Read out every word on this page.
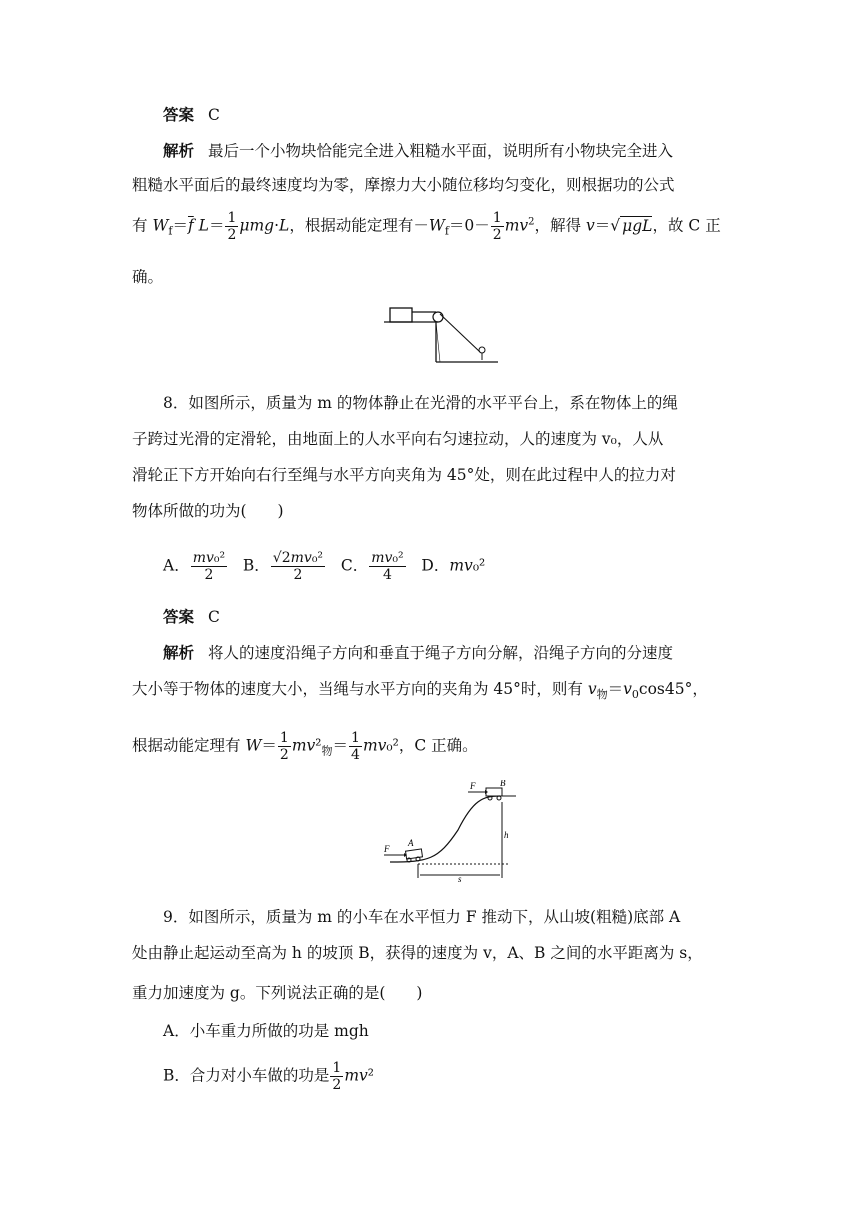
答案 C
解析 最后一个小物块恰能完全进入粗糙水平面，说明所有小物块完全进入
粗糙水平面后的最终速度均为零，摩擦力大小随位移均匀变化，则根据功的公式
有 $W_f=\overline{f}$ $L= \frac{1}{2} \mu mg\cdot L$，根据动能定理有$-W_f=0- \frac{1}{2} mv^2$，解得 v＝√ μgL，故 C 正
确。
8．如图所示，质量为 m 的物体静止在光滑的水平平台上，系在物体上的绳
子跨过光滑的定滑轮，由地面上的人水平向右匀速拉动，人的速度为 v₀，人从
滑轮正下方开始向右行至绳与水平方向夹角为 45°处，则在此过程中人的拉力对
物体所做的功为(　　)
A． $\frac{\text{mv₀²}}{2}$ B． $\frac{\text{√2mv₀²}}{2}$ C． $\frac{\text{mv₀²}}{4}$ D．mv₀²
答案 C
解析 将人的速度沿绳子方向和垂直于绳子方向分解，沿绳子方向的分速度
大小等于物体的速度大小，当绳与水平方向的夹角为 45°时，则有 $v_物=v_0\cos 45^\circ$，
根据动能定理有 $W= \frac{1}{2} mv^2_物= \frac{1}{4} mv_0^2$，C 正确。
B
F
A
F
h
s
9．如图所示，质量为 m 的小车在水平恒力 F 推动下，从山坡(粗糙)底部 A
处由静止起运动至高为 h 的坡顶 B，获得的速度为 v，A、B 之间的水平距离为 s，
重力加速度为 g。下列说法正确的是(　　)
A．小车重力所做的功是 mgh
B．合力对小车做的功是 $\frac{1}{2} mv^2$
